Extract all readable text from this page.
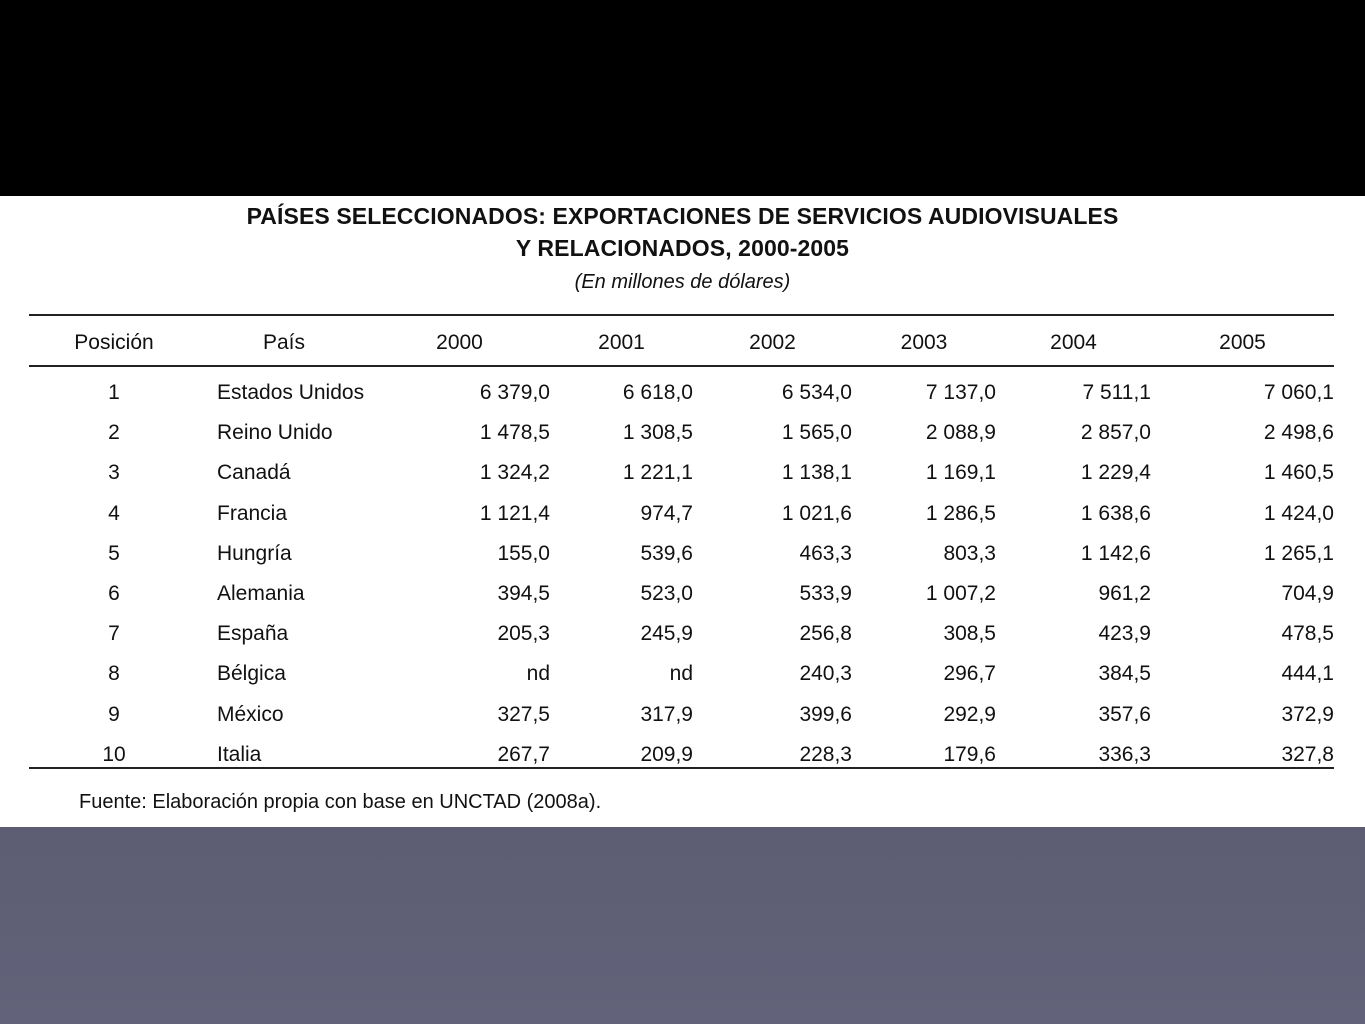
PAÍSES SELECCIONADOS: EXPORTACIONES DE SERVICIOS AUDIOVISUALES
Y RELACIONADOS, 2000-2005
(En millones de dólares)
Posición	País	2000	2001	2002	2003	2004	2005
1	Estados Unidos	6 379,0	6 618,0	6 534,0	7 137,0	7 511,1	7 060,1
2	Reino Unido	1 478,5	1 308,5	1 565,0	2 088,9	2 857,0	2 498,6
3	Canadá	1 324,2	1 221,1	1 138,1	1 169,1	1 229,4	1 460,5
4	Francia	1 121,4	974,7	1 021,6	1 286,5	1 638,6	1 424,0
5	Hungría	155,0	539,6	463,3	803,3	1 142,6	1 265,1
6	Alemania	394,5	523,0	533,9	1 007,2	961,2	704,9
7	España	205,3	245,9	256,8	308,5	423,9	478,5
8	Bélgica	nd	nd	240,3	296,7	384,5	444,1
9	México	327,5	317,9	399,6	292,9	357,6	372,9
10	Italia	267,7	209,9	228,3	179,6	336,3	327,8
Fuente: Elaboración propia con base en UNCTAD (2008a).
